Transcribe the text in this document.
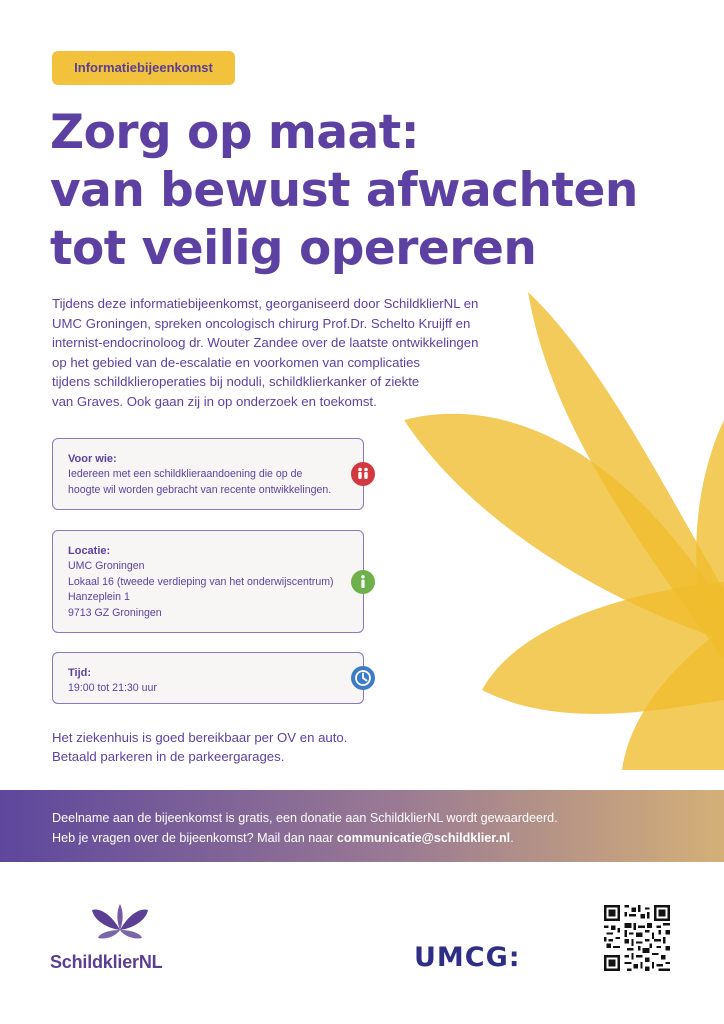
Informatiebijeenkomst
Zorg op maat:
van bewust afwachten
tot veilig opereren
Tijdens deze informatiebijeenkomst, georganiseerd door SchildklierNL en
UMC Groningen, spreken oncologisch chirurg Prof.Dr. Schelto Kruijff en
internist-endocrinoloog dr. Wouter Zandee over de laatste ontwikkelingen
op het gebied van de-escalatie en voorkomen van complicaties
tijdens schildklieroperaties bij noduli, schildklierkanker of ziekte
van Graves. Ook gaan zij in op onderzoek en toekomst.
Voor wie:
Iedereen met een schildklieraandoening die op de
hoogte wil worden gebracht van recente ontwikkelingen.
Locatie:
UMC Groningen
Lokaal 16 (tweede verdieping van het onderwijscentrum)
Hanzeplein 1
9713 GZ Groningen
Tijd:
19:00 tot 21:30 uur
Het ziekenhuis is goed bereikbaar per OV en auto.
Betaald parkeren in de parkeergarages.
Deelname aan de bijeenkomst is gratis, een donatie aan SchildklierNL wordt gewaardeerd.
Heb je vragen over de bijeenkomst? Mail dan naar communicatie@schildklier.nl.
SchildklierNL	UMCG:
